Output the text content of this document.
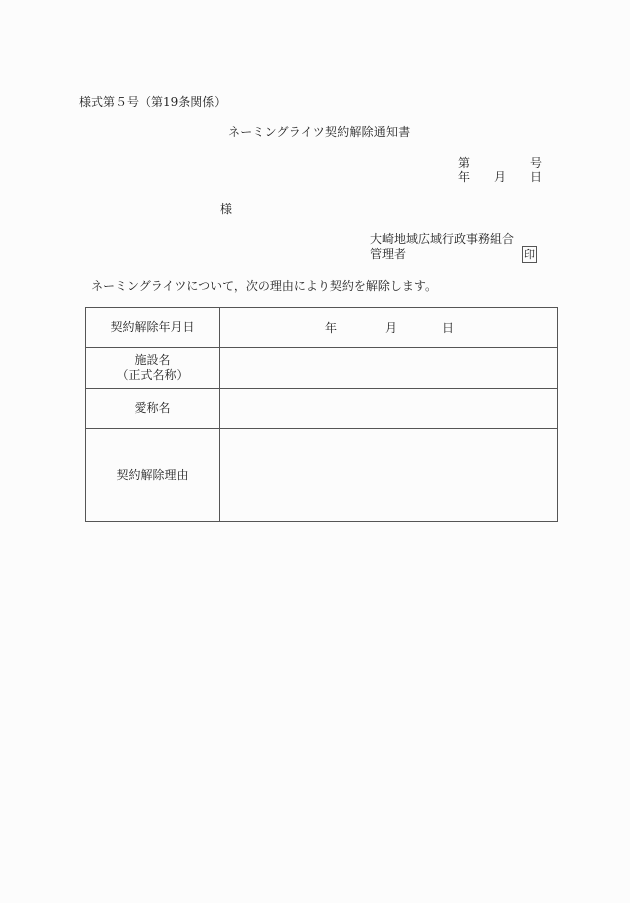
様式第５号（第19条関係）
ネーミングライツ契約解除通知書
第	号
年 月 日
様
大崎地域広域行政事務組合
管理者	印
ネーミングライツについて，次の理由により契約を解除します。
契約解除年月日	年 月 日

施設名
（正式名称）	

愛称名	
契約解除理由	
